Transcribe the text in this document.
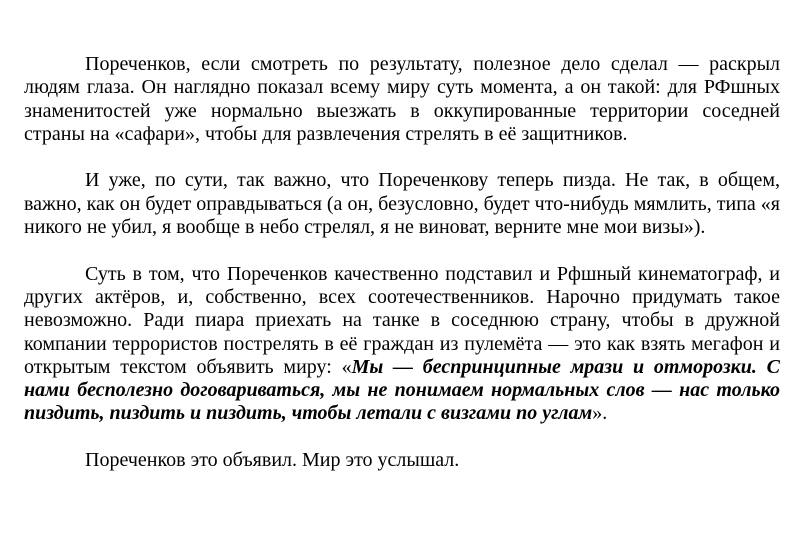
Пореченков, если смотреть по результату, полезное дело сделал — раскрыл людям глаза. Он наглядно показал всему миру суть момента, а он такой: для РФшных знаменитостей уже нормально выезжать в оккупированные территории соседней страны на «сафари», чтобы для развлечения стрелять в её защитников.

И уже, по сути, так важно, что Пореченкову теперь пизда. Не так, в общем, важно, как он будет оправдываться (а он, безусловно, будет что-нибудь мямлить, типа «я никого не убил, я вообще в небо стрелял, я не виноват, верните мне мои визы»).

Суть в том, что Пореченков качественно подставил и Рфшный кинематограф, и других актёров, и, собственно, всех соотечественников. Нарочно придумать такое невозможно. Ради пиара приехать на танке в соседнюю страну, чтобы в дружной компании террористов пострелять в её граждан из пулемёта — это как взять мегафон и открытым текстом объявить миру: «Мы — беспринципные мрази и отморозки. С нами бесполезно договариваться, мы не понимаем нормальных слов — нас только пиздить, пиздить и пиздить, чтобы летали с визгами по углам».

Пореченков это объявил. Мир это услышал.
